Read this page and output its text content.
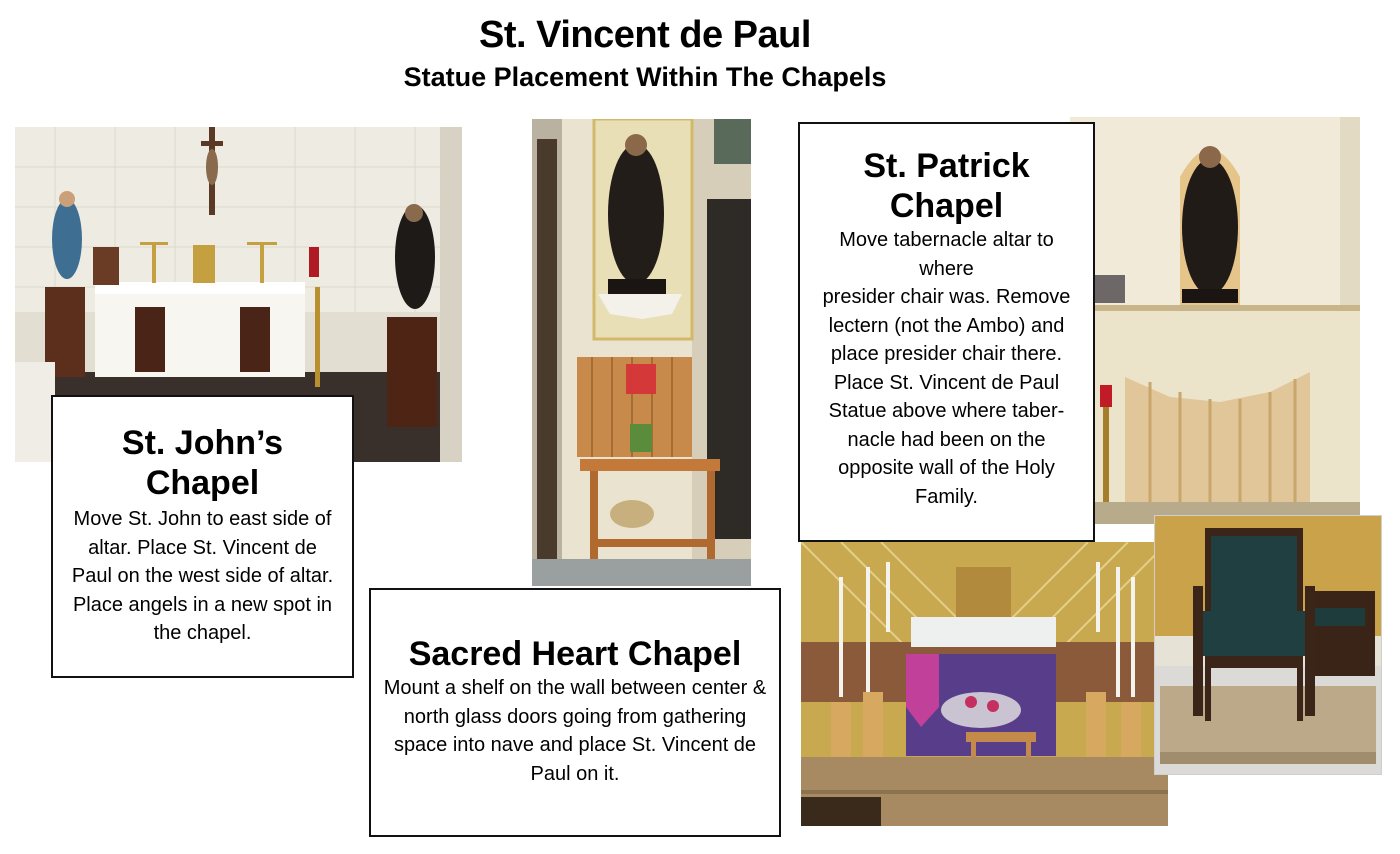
St. Vincent de Paul
Statue Placement Within The Chapels
St. John’s
Chapel
Move St. John to east side of altar. Place St. Vincent de Paul on the west side of altar. Place angels in a new spot in the chapel.
Sacred Heart Chapel
Mount a shelf on the wall between center & north glass doors going from gathering space into nave and place St. Vincent de Paul on it.
St. Patrick
Chapel
Move tabernacle altar to
where
presider chair was. Remove
lectern (not the Ambo) and
place presider chair there.
Place St. Vincent de Paul
Statue above where taber-
nacle had been on the
opposite wall of the Holy
Family.
